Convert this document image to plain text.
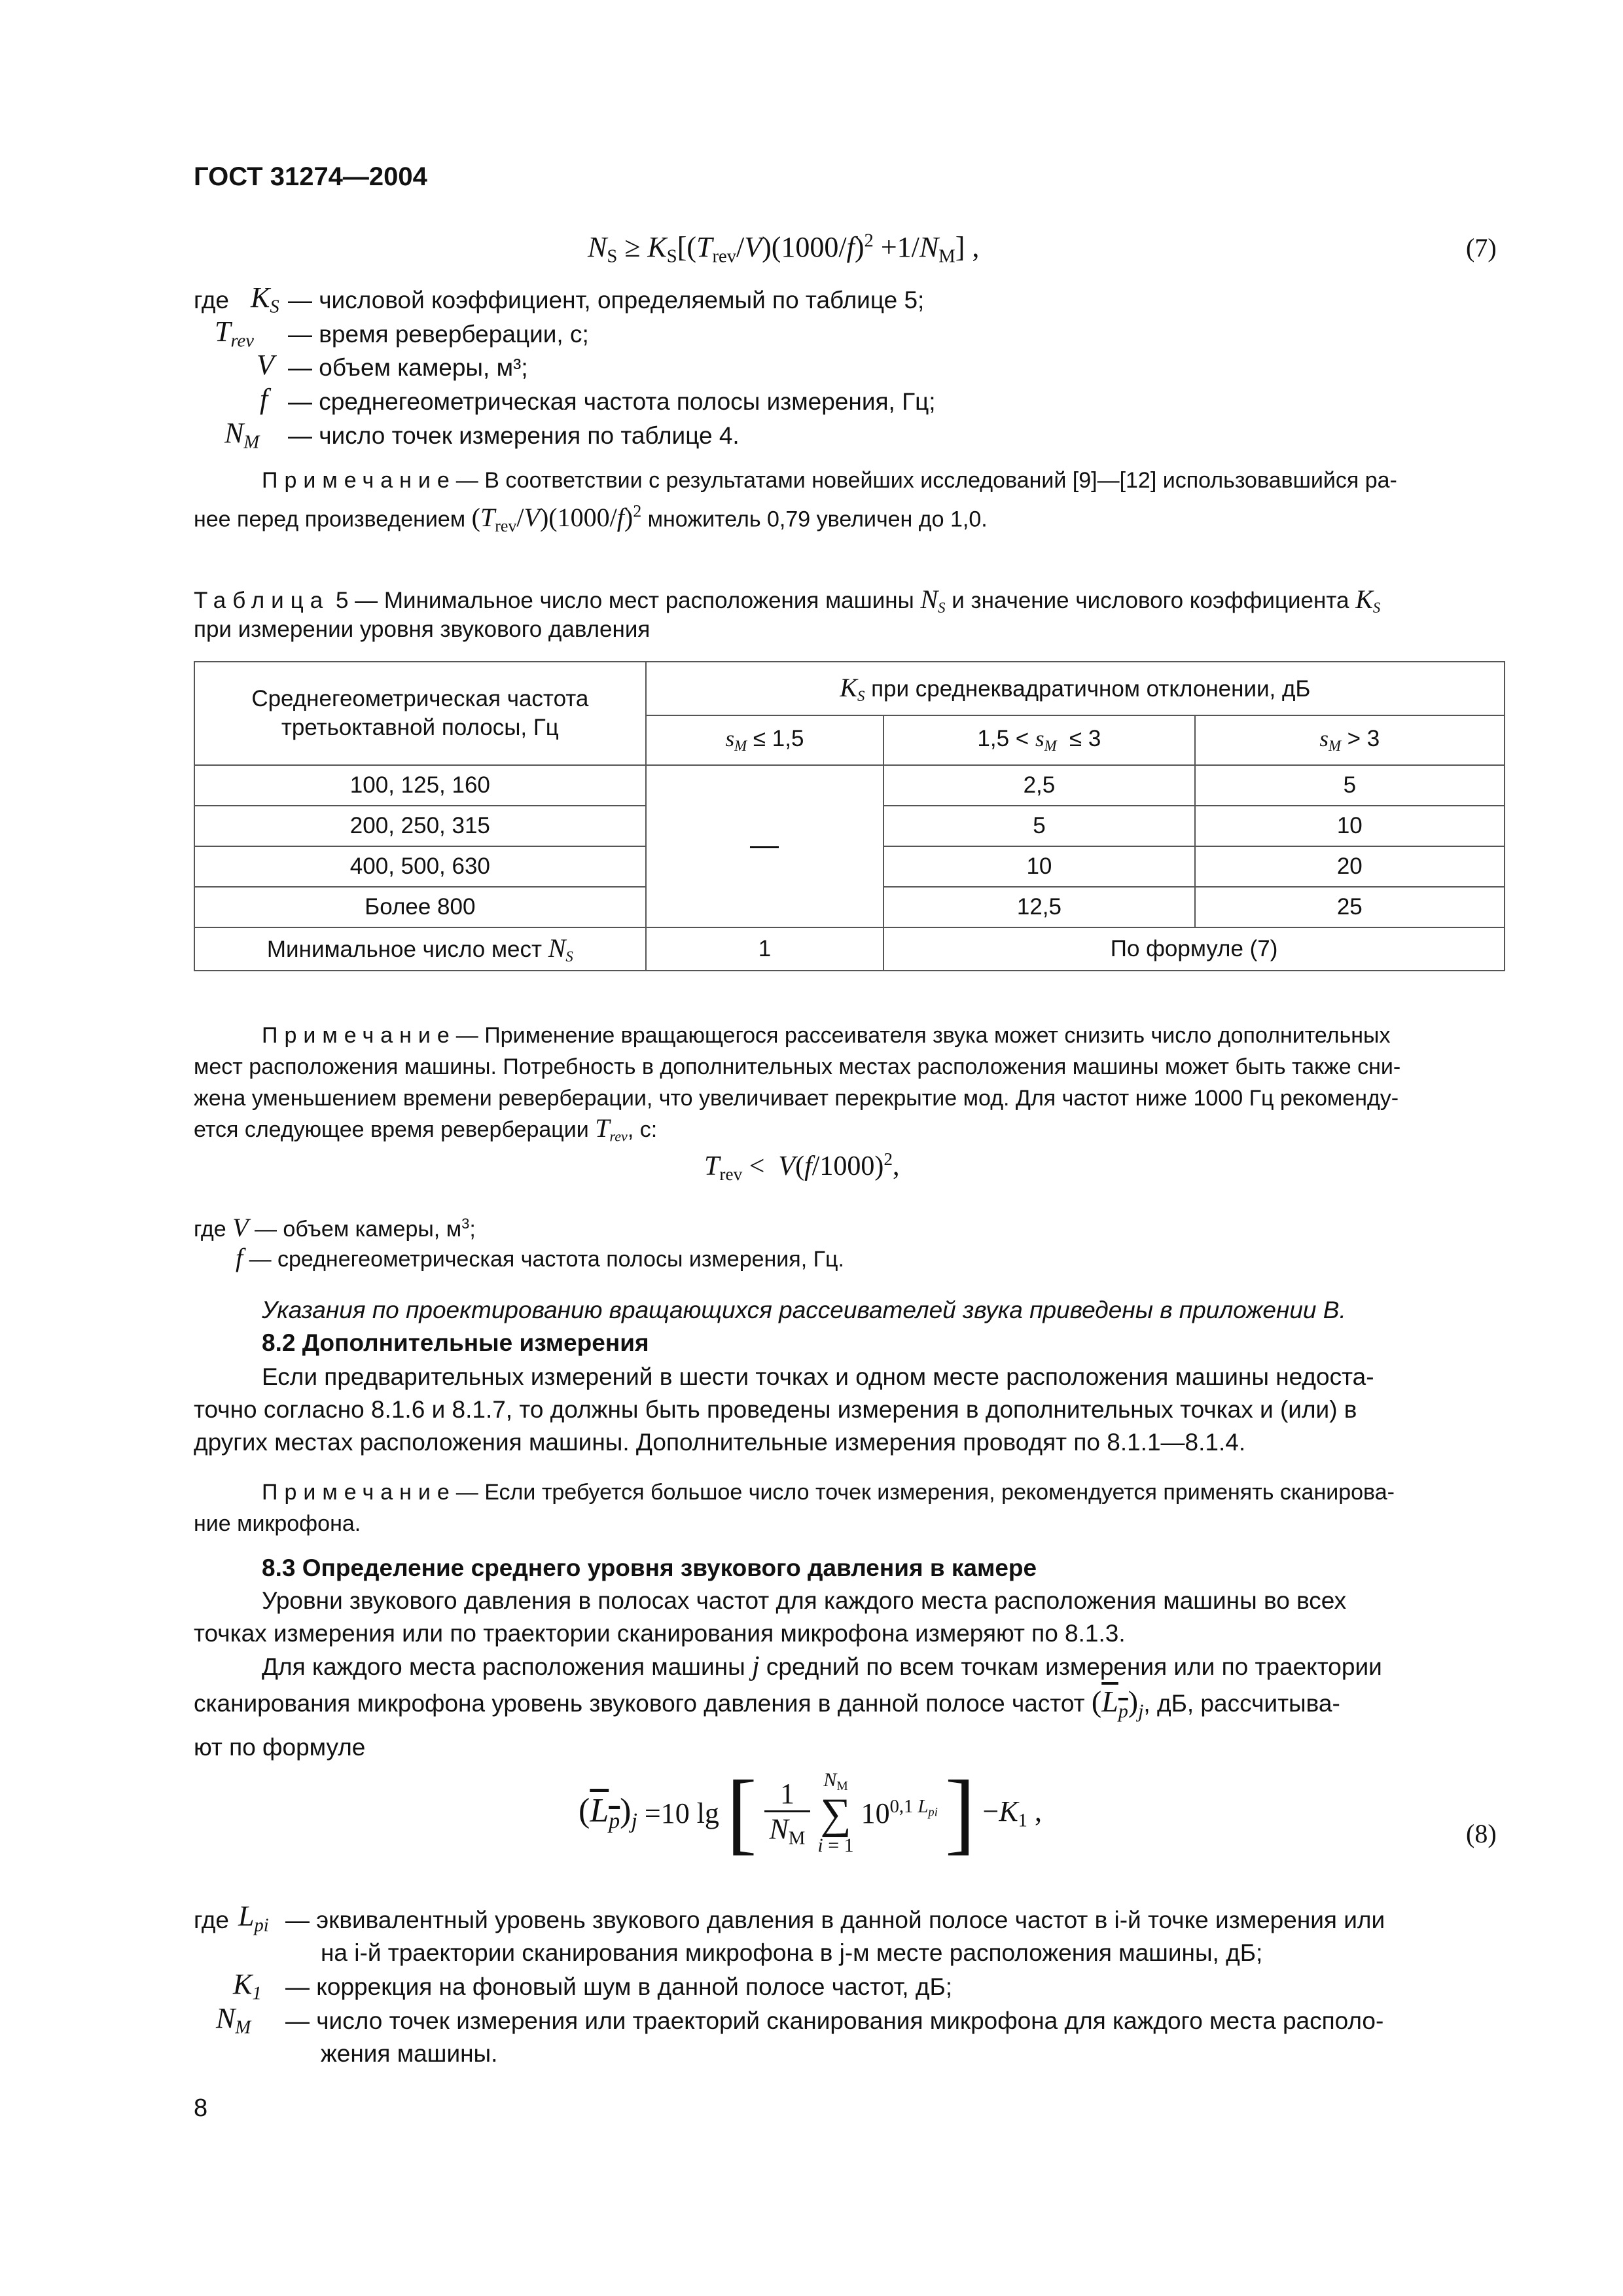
ГОСТ 31274—2004
$N_S \ge K_S[(T_{rev}/V)(1000/f)^2 +1/N_M]$ ,	(7)
где $K_S$ — числовой коэффициент, определяемый по таблице 5;
$T_{rev}$ — время реверберации, с;
V — объем камеры, м³;
f — среднегеометрическая частота полосы измерения, Гц;
$N_M$ — число точек измерения по таблице 4.
Примечание— В соответствии с результатами новейших исследований [9]—[12] использовавшийся ра-
нее перед произведением $(T_{rev}/V)(1000/f)^2$ множитель 0,79 увеличен до 1,0.
Таблица 5 — Минимальное число мест расположения машины $N_S$ и значение числового коэффициента $K_S$
при измерении уровня звукового давления
Среднегеометрическая частота третьоктавной полосы, Гц	$K_S$ при среднеквадратичном отклонении, дБ		
	$s_M \le 1,5$	$1,5 < s_M \le 3$	$s_M > 3$
100, 125, 160		2,5	5
200, 250, 315		5	10
400, 500, 630		10	20
Более 800		12,5	25
Минимальное число мест $N_S$	1	По формуле (7)	
Примечание— Применение вращающегося рассеивателя звука может снизить число дополнительных
мест расположения машины. Потребность в дополнительных местах расположения машины может быть также сни-
жена уменьшением времени реверберации, что увеличивает перекрытие мод. Для частот ниже 1000 Гц рекоменду-
ется следующее время реверберации $T_{rev}$, с:
$T_{rev} < V(f/1000)^2$,
где V — объем камеры, $м^3$;
f — среднегеометрическая частота полосы измерения, Гц.
Указания по проектированию вращающихся рассеивателей звука приведены в приложении В.
8.2 Дополнительные измерения
Если предварительных измерений в шести точках и одном месте расположения машины недоста-
точно согласно 8.1.6 и 8.1.7, то должны быть проведены измерения в дополнительных точках и (или) в
других местах расположения машины. Дополнительные измерения проводят по 8.1.1—8.1.4.
Примечание— Если требуется большое число точек измерения, рекомендуется применять сканирова-
ние микрофона.
8.3 Определение среднего уровня звукового давления в камере
Уровни звукового давления в полосах частот для каждого места расположения машины во всех
точках измерения или по траектории сканирования микрофона измеряют по 8.1.3.
Для каждого места расположения машины j средний по всем точкам измерения или по траектории
сканирования микрофона уровень звукового давления в данной полосе частот $(L_p)_j$, дБ, рассчитыва-
ют по формуле
$(L_p)_j =10$ lg [ $\frac{1}{N_M}$
$N_M$
∑
i = 1
$10^{0,1 L_{pi}}$ ] $-K_1$ ,
(8)
где $L_{pi}$ — эквивалентный уровень звукового давления в данной полосе частот в i-й точке измерения или
на i-й траектории сканирования микрофона в j-м месте расположения машины, дБ;
$K_1$ — коррекция на фоновый шум в данной полосе частот, дБ;
$N_M$ — число точек измерения или траекторий сканирования микрофона для каждого места располо-
жения машины.
8
